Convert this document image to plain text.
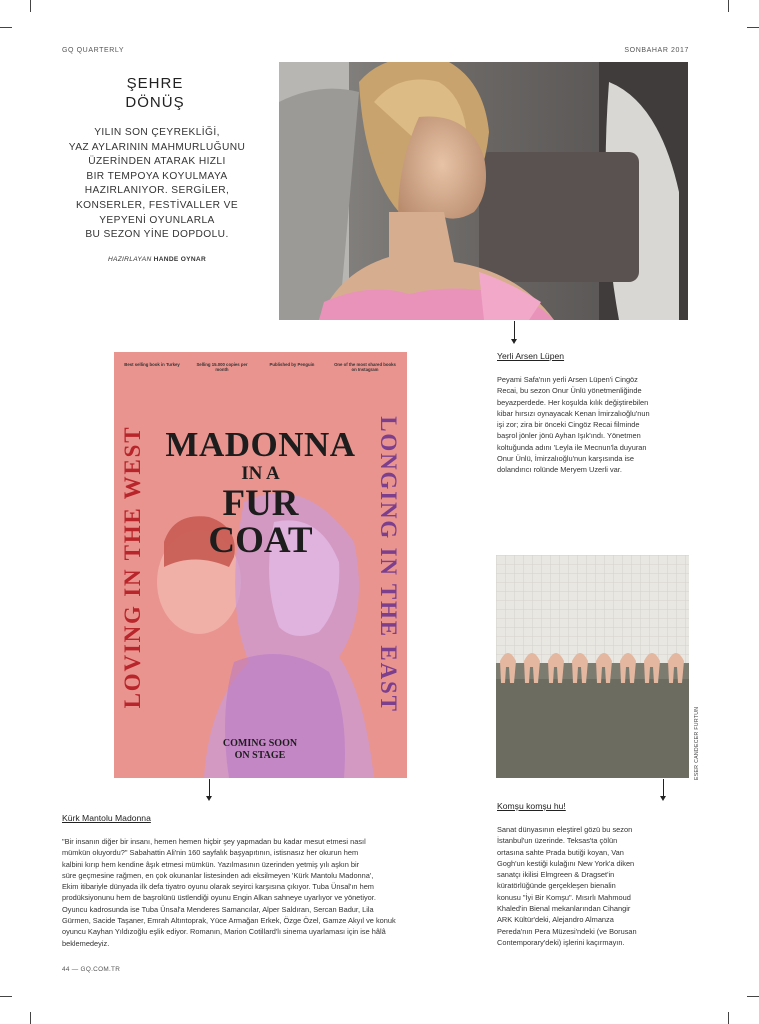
GQ QUARTERLY	SONBAHAR 2017
ŞEHRE
DÖNÜŞ
YILIN SON ÇEYREKLİĞİ,
YAZ AYLARININ MAHMURLUĞUNU
ÜZERİNDEN ATARAK HIZLI
BIR TEMPOYA KOYULMAYA
HAZIRLANIYOR. SERGİLER,
KONSERLER, FESTİVALLER VE
YEPYENİ OYUNLARLA
BU SEZON YİNE DOPDOLU.
HAZIRLAYAN HANDE OYNAR
Best selling book in Turkey	Selling 15.000 copies per month
Published by Penguin	One of the most shared books on Instagram
MADONNA
IN A
FUR
COAT
LOVING IN THE WEST	LONGING IN THE EAST
COMING SOON
ON STAGE
Yerli Arsen Lüpen
Peyami Safa'nın yerli Arsen Lüpen'i Cingöz
Recai, bu sezon Onur Ünlü yönetmenliğinde
beyazperdede. Her koşulda kılık değiştirebilen
kibar hırsızı oynayacak Kenan İmirzalıoğlu'nun
işi zor; zira bir önceki Cingöz Recai filminde
başrol jönler jönü Ayhan Işık'ındı. Yönetmen
koltuğunda adını 'Leyla ile Mecnun'la duyuran
Onur Ünlü, İmirzalıoğlu'nun karşısında ise
dolandırıcı rolünde Meryem Uzerli var.
ESER CANDECER FURTUN
Kürk Mantolu Madonna
"Bir insanın diğer bir insanı, hemen hemen hiçbir şey yapmadan bu kadar mesut etmesi nasıl
mümkün oluyordu?" Sabahattin Ali'nin 160 sayfalık başyapıtının, istisnasız her okurun hem
kalbini kırıp hem kendine âşık etmesi mümkün. Yazılmasının üzerinden yetmiş yılı aşkın bir
süre geçmesine rağmen, en çok okunanlar listesinden adı eksilmeyen 'Kürk Mantolu Madonna',
Ekim itibariyle dünyada ilk defa tiyatro oyunu olarak seyirci karşısına çıkıyor. Tuba Ünsal'ın hem
prodüksiyonunu hem de başrolünü üstlendiği oyunu Engin Alkan sahneye uyarlıyor ve yönetiyor.
Oyuncu kadrosunda ise Tuba Ünsal'a Menderes Samancılar, Alper Saldıran, Sercan Badur, Lila
Gürmen, Sacide Taşaner, Emrah Altıntoprak, Yüce Armağan Erkek, Özge Özel, Gamze Akyıl ve konuk
oyuncu Kayhan Yıldızoğlu eşlik ediyor. Romanın, Marion Cotillard'lı sinema uyarlaması için ise hâlâ
beklemedeyiz.
Komşu komşu hu!
Sanat dünyasının eleştirel gözü bu sezon
İstanbul'un üzerinde. Teksas'ta çölün
ortasına sahte Prada butiği koyan, Van
Gogh'un kestiği kulağını New York'a diken
sanatçı ikilisi Elmgreen & Dragset'in
küratörlüğünde gerçekleşen bienalin
konusu "İyi Bir Komşu". Mısırlı Mahmoud
Khaled'in Bienal mekanlarından Cihangir
ARK Kültür'deki, Alejandro Almanza
Pereda'nın Pera Müzesi'ndeki (ve Borusan
Contemporary'deki) işlerini kaçırmayın.
44 — GQ.COM.TR
